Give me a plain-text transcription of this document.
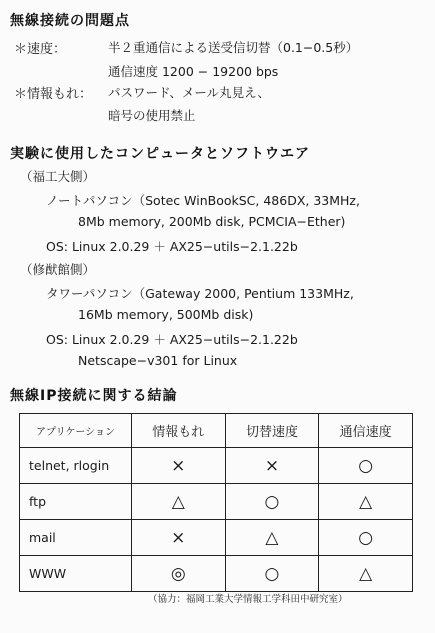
無線接続の問題点
＊速度：	半２重通信による送受信切替（0.1−0.5秒）
通信速度 1200 − 19200 bps
＊情報もれ： パスワード、メール丸見え、
暗号の使用禁止
実験に使用したコンピュータとソフトウエア
（福工大側）
ノートパソコン（Sotec WinBookSC, 486DX, 33MHz,
8Mb memory, 200Mb disk, PCMCIA−Ether)
OS: Linux 2.0.29 ＋ AX25−utils−2.1.22b
（修猷館側）
タワーパソコン（Gateway 2000, Pentium 133MHz,
16Mb memory, 500Mb disk)
OS: Linux 2.0.29 ＋ AX25−utils−2.1.22b
Netscape−v301 for Linux
無線IP接続に関する結論
アプリケーション	情報もれ	切替速度	通信速度
telnet, rlogin	×	×	○
ftp	△	○	△
mail	×	△	○
WWW	◎	○	△
（協力：福岡工業大学情報工学科田中研究室）
